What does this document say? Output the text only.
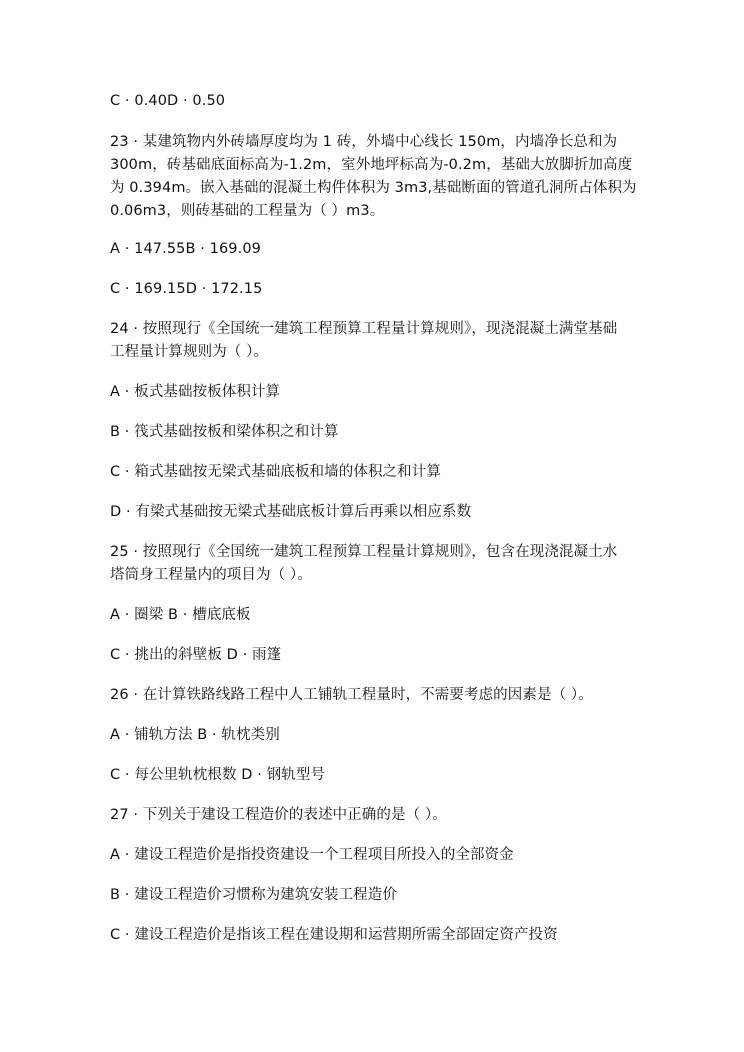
C · 0.40D · 0.50
23 · 某建筑物内外砖墙厚度均为 1 砖，外墙中心线长 150m，内墙净长总和为
300m，砖基础底面标高为-1.2m，室外地坪标高为-0.2m，基础大放脚折加高度
为 0.394m。嵌入基础的混凝土构件体积为 3m3,基础断面的管道孔洞所占体积为
0.06m3，则砖基础的工程量为（ ）m3。
A · 147.55B · 169.09
C · 169.15D · 172.15
24 · 按照现行《全国统一建筑工程预算工程量计算规则》，现浇混凝土满堂基础
工程量计算规则为（ ）。
A · 板式基础按板体积计算
B · 筏式基础按板和梁体积之和计算
C · 箱式基础按无梁式基础底板和墙的体积之和计算
D · 有梁式基础按无梁式基础底板计算后再乘以相应系数
25 · 按照现行《全国统一建筑工程预算工程量计算规则》，包含在现浇混凝土水
塔筒身工程量内的项目为（ ）。
A · 圈梁 B · 槽底底板
C · 挑出的斜壁板 D · 雨篷
26 · 在计算铁路线路工程中人工铺轨工程量时，不需要考虑的因素是（ ）。
A · 铺轨方法 B · 轨枕类别
C · 每公里轨枕根数 D · 钢轨型号
27 · 下列关于建设工程造价的表述中正确的是（ ）。
A · 建设工程造价是指投资建设一个工程项目所投入的全部资金
B · 建设工程造价习惯称为建筑安装工程造价
C · 建设工程造价是指该工程在建设期和运营期所需全部固定资产投资
